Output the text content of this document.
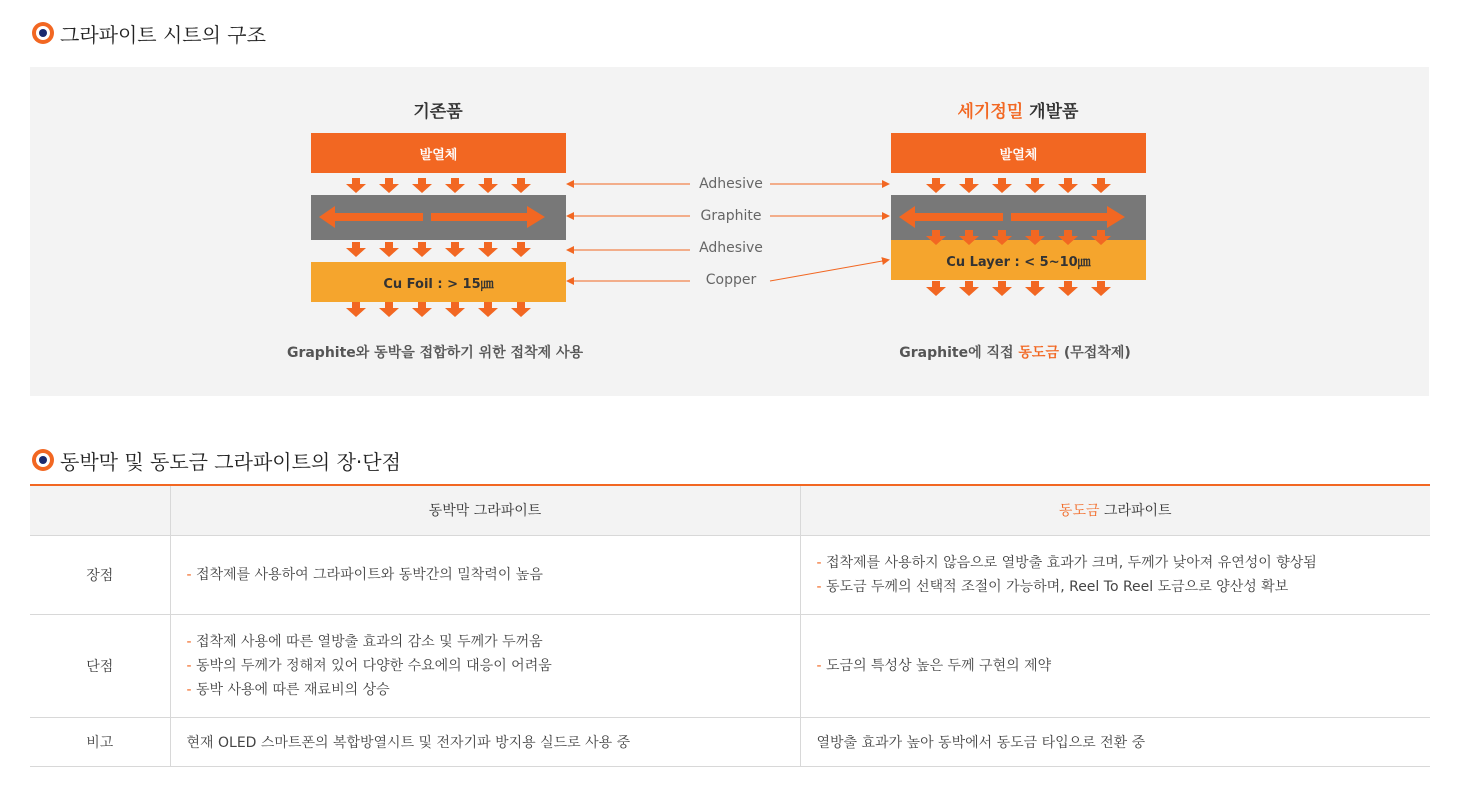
그라파이트 시트의 구조
기존품	세기정밀 개발품
발열체
Cu Foil : > 15㎛
발열체
Cu Layer : < 5~10㎛
Adhesive
Graphite
Adhesive
Copper
Graphite와 동박을 접합하기 위한 접착제 사용	Graphite에 직접 동도금 (무접착제)
동박막 및 동도금 그라파이트의 장·단점
	동박막 그라파이트	동도금 그라파이트
장점	- 접착제를 사용하여 그라파이트와 동박간의 밀착력이 높음	- 접착제를 사용하지 않음으로 열방출 효과가 크며, 두께가 낮아져 유연성이 향상됨
- 동도금 두께의 선택적 조절이 가능하며, Reel To Reel 도금으로 양산성 확보

단점	- 접착제 사용에 따른 열방출 효과의 감소 및 두께가 두꺼움
- 동박의 두께가 정해져 있어 다양한 수요에의 대응이 어려움
- 동박 사용에 따른 재료비의 상승	- 도금의 특성상 높은 두께 구현의 제약

비고	현재 OLED 스마트폰의 복합방열시트 및 전자기파 방지용 실드로 사용 중	열방출 효과가 높아 동박에서 동도금 타입으로 전환 중
